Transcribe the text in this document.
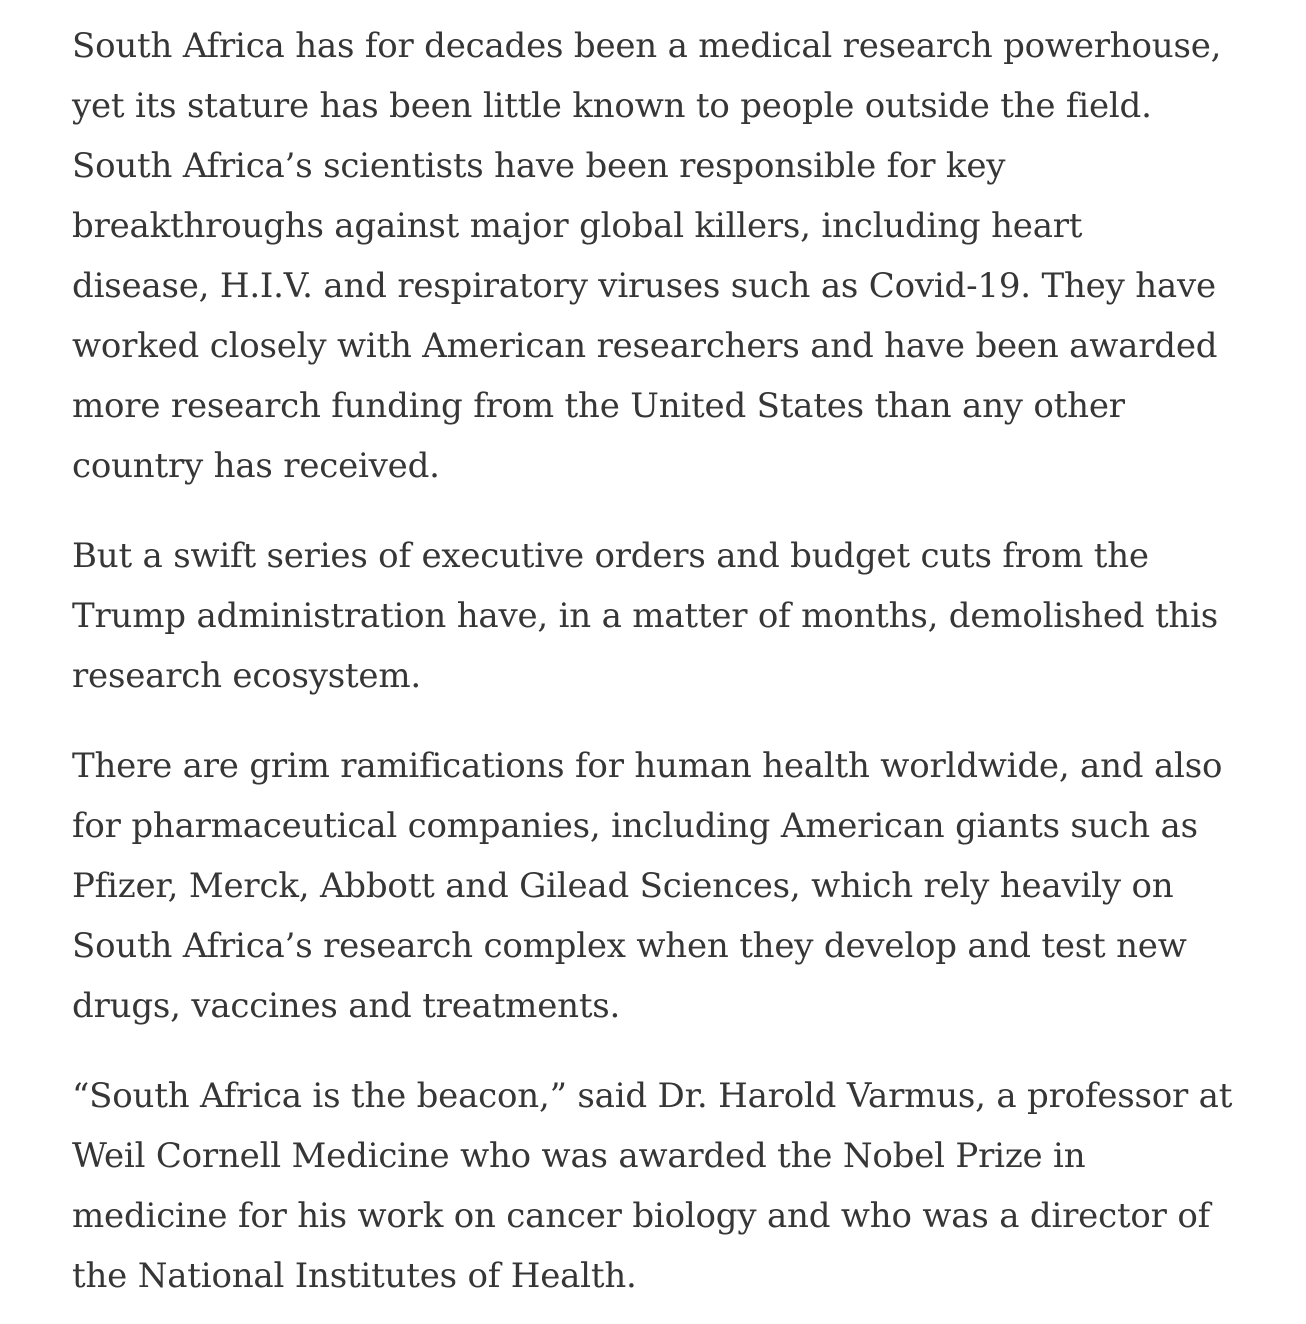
South Africa has for decades been a medical research powerhouse,
yet its stature has been little known to people outside the field.
South Africa’s scientists have been responsible for key
breakthroughs against major global killers, including heart
disease, H.I.V. and respiratory viruses such as Covid-19. They have
worked closely with American researchers and have been awarded
more research funding from the United States than any other
country has received.

But a swift series of executive orders and budget cuts from the
Trump administration have, in a matter of months, demolished this
research ecosystem.

There are grim ramifications for human health worldwide, and also
for pharmaceutical companies, including American giants such as
Pfizer, Merck, Abbott and Gilead Sciences, which rely heavily on
South Africa’s research complex when they develop and test new
drugs, vaccines and treatments.

“South Africa is the beacon,” said Dr. Harold Varmus, a professor at
Weil Cornell Medicine who was awarded the Nobel Prize in
medicine for his work on cancer biology and who was a director of
the National Institutes of Health.
